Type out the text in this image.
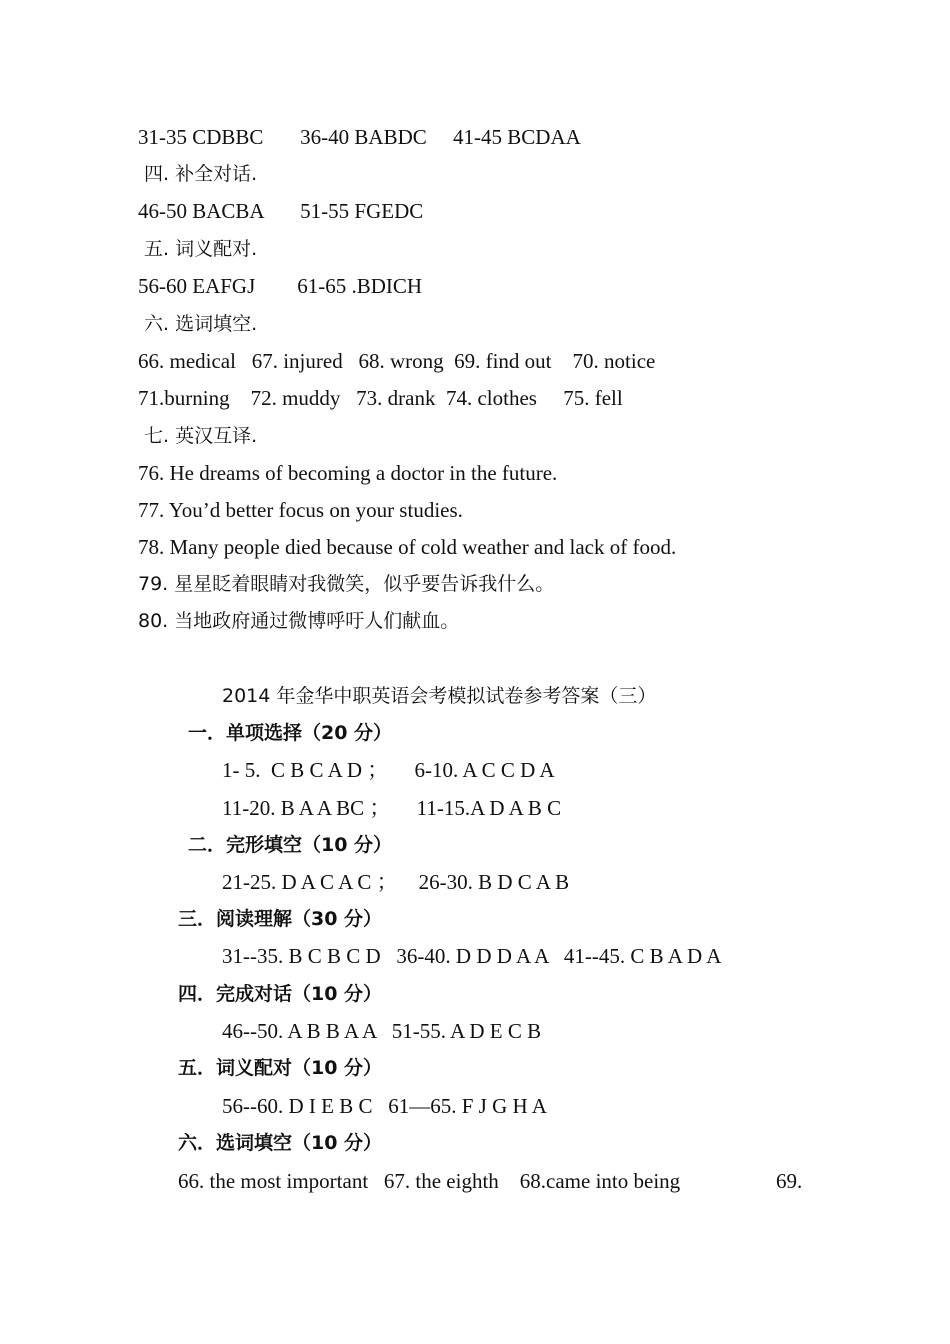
31-35 CDBBC       36-40 BABDC     41-45 BCDAA
四. 补全对话.
46-50 BACBA       51-55 FGEDC
五. 词义配对.
56-60 EAFGJ        61-65 .BDICH
六. 选词填空.
66. medical   67. injured   68. wrong  69. find out    70. notice
71.burning    72. muddy   73. drank  74. clothes     75. fell
七. 英汉互译.
76. He dreams of becoming a doctor in the future.
77. You’d better focus on your studies.
78. Many people died because of cold weather and lack of food.
79. 星星眨着眼睛对我微笑，似乎要告诉我什么。
80. 当地政府通过微博呼吁人们献血。
2014 年金华中职英语会考模拟试卷参考答案（三）
一．单项选择（20 分）
1- 5.  C B C A D ；     6-10. A C C D A
11-20. B A A BC ；     11-15.A D A B C
二．完形填空（10 分）
21-25. D A C A C ；    26-30. B D C A B
三．阅读理解（30 分）
31--35. B C B C D   36-40. D D D A A   41--45. C B A D A
四．完成对话（10 分）
46--50. A B B A A   51-55. A D E C B
五．词义配对（10 分）
56--60. D I E B C   61—65. F J G H A
六．选词填空（10 分）
66. the most important   67. the eighth    68.came into being	69.
